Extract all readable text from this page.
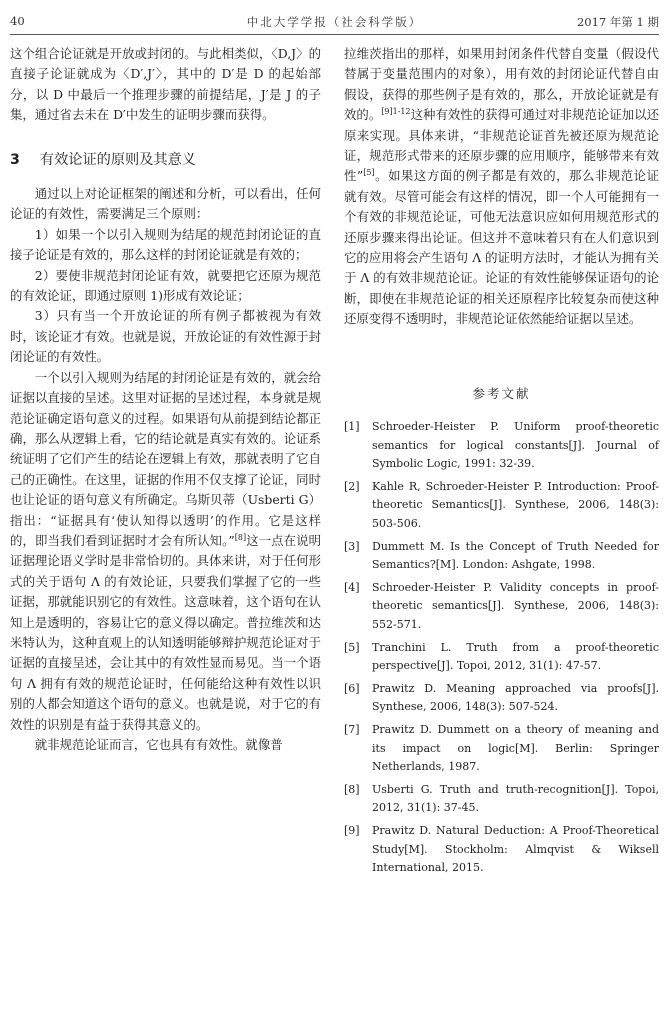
40	中北大学学报（社会科学版）	2017 年第 1 期

这个组合论证就是开放或封闭的。与此相类似，〈D,J〉的直接子论证就成为〈D′,J′〉，其中的 D′是 D 的起始部分，以 D 中最后一个推理步骤的前提结尾，J′是 J 的子集，通过省去未在 D′中发生的证明步骤而获得。

3 有效论证的原则及其意义

通过以上对论证框架的阐述和分析，可以看出，任何论证的有效性，需要满足三个原则：

1）如果一个以引入规则为结尾的规范封闭论证的直接子论证是有效的，那么这样的封闭论证就是有效的；

2）要使非规范封闭论证有效，就要把它还原为规范的有效论证，即通过原则 1)形成有效论证；

3）只有当一个开放论证的所有例子都被视为有效时，该论证才有效。也就是说，开放论证的有效性源于封闭论证的有效性。

一个以引入规则为结尾的封闭论证是有效的，就会给证据以直接的呈述。这里对证据的呈述过程，本身就是规范论证确定语句意义的过程。如果语句从前提到结论都正确，那么从逻辑上看，它的结论就是真实有效的。论证系统证明了它们产生的结论在逻辑上有效，那就表明了它自己的正确性。在这里，证据的作用不仅支撑了论证，同时也让论证的语句意义有所确定。乌斯贝蒂（Usberti G）指出：“证据具有‘使认知得以透明’的作用。它是这样的，即当我们看到证据时才会有所认知。”[8]这一点在说明证据理论语义学时是非常恰切的。具体来讲，对于任何形式的关于语句 Λ 的有效论证，只要我们掌握了它的一些证据，那就能识别它的有效性。这意味着，这个语句在认知上是透明的，容易让它的意义得以确定。普拉维茨和达米特认为，这种直观上的认知透明能够辩护规范论证对于证据的直接呈述，会让其中的有效性显而易见。当一个语句 Λ 拥有有效的规范论证时，任何能给这种有效性以识别的人都会知道这个语句的意义。也就是说，对于它的有效性的识别是有益于获得其意义的。

就非规范论证而言，它也具有有效性。就像普

拉维茨指出的那样，如果用封闭条件代替自变量（假设代替属于变量范围内的对象），用有效的封闭论证代替自由假设，获得的那些例子是有效的，那么，开放论证就是有效的。$^{[9]1-12}$这种有效性的获得可通过对非规范论证加以还原来实现。具体来讲，“非规范论证首先被还原为规范论证，规范形式带来的还原步骤的应用顺序，能够带来有效性”[5]。如果这方面的例子都是有效的，那么非规范论证就有效。尽管可能会有这样的情况，即一个人可能拥有一个有效的非规范论证，可他无法意识应如何用规范形式的还原步骤来得出论证。但这并不意味着只有在人们意识到它的应用将会产生语句 Λ 的证明方法时，才能认为拥有关于 Λ 的有效非规范论证。论证的有效性能够保证语句的论断，即使在非规范论证的相关还原程序比较复杂而使这种还原变得不透明时，非规范论证依然能给证据以呈述。

参考文献
[1] Schroeder-Heister P. Uniform proof-theoretic semantics for logical constants[J]. Journal of Symbolic Logic, 1991: 32-39.
[2] Kahle R, Schroeder-Heister P. Introduction: Proof-theoretic Semantics[J]. Synthese, 2006, 148(3): 503-506.
[3] Dummett M. Is the Concept of Truth Needed for Semantics?[M]. London: Ashgate, 1998.
[4] Schroeder-Heister P. Validity concepts in proof-theoretic semantics[J]. Synthese, 2006, 148(3): 552-571.
[5] Tranchini L. Truth from a proof-theoretic perspective[J]. Topoi, 2012, 31(1): 47-57.
[6] Prawitz D. Meaning approached via proofs[J]. Synthese, 2006, 148(3): 507-524.
[7] Prawitz D. Dummett on a theory of meaning and its impact on logic[M]. Berlin: Springer Netherlands, 1987.
[8] Usberti G. Truth and truth-recognition[J]. Topoi, 2012, 31(1): 37-45.
[9] Prawitz D. Natural Deduction: A Proof-Theoretical Study[M]. Stockholm: Almqvist & Wiksell International, 2015.
